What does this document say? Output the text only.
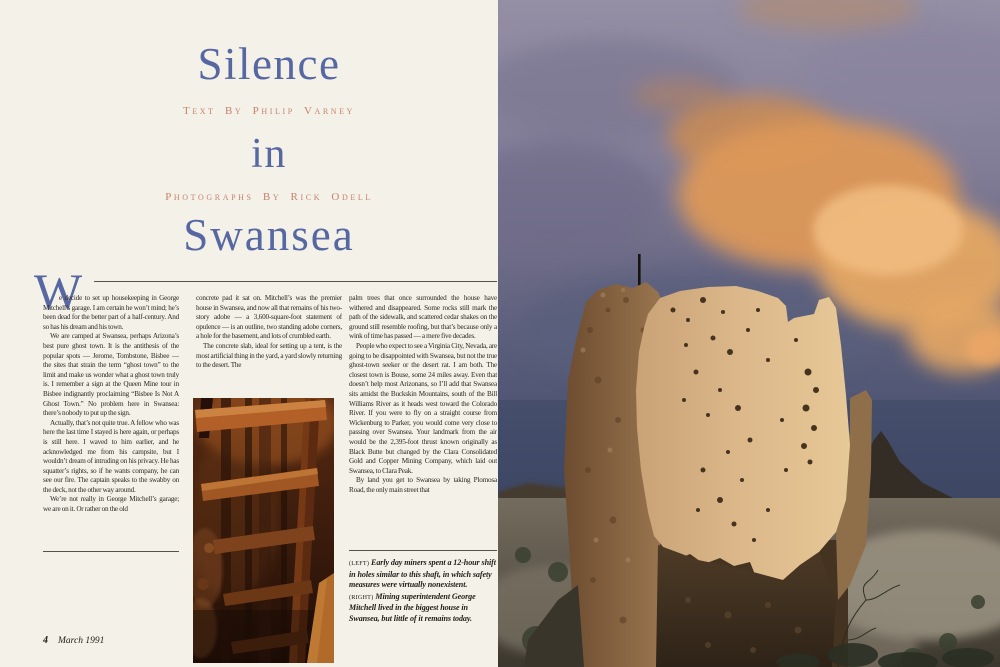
Silence
Text By Philip Varney
in
Photographs By Rick Odell
Swansea
W

e decide to set up housekeeping in George Mitchell’s garage. I am certain he won’t mind; he’s been dead for the better part of a half-century. And so has his dream and his town.

We are camped at Swansea, perhaps Arizona’s best pure ghost town. It is the antithesis of the popular spots — Jerome, Tombstone, Bisbee — the sites that strain the term “ghost town” to the limit and make us wonder what a ghost town truly is. I remember a sign at the Queen Mine tour in Bisbee indignantly proclaiming “Bisbee Is Not A Ghost Town.” No problem here in Swansea: there’s nobody to put up the sign.

Actually, that’s not quite true. A fellow who was here the last time I stayed is here again, or perhaps is still here. I waved to him earlier, and he acknowledged me from his campsite, but I wouldn’t dream of intruding on his privacy. He has squatter’s rights, so if he wants company, he can see our fire. The captain speaks to the swabby on the deck, not the other way around.

We’re not really in George Mitchell’s garage; we are on it. Or rather on the old

concrete pad it sat on. Mitchell’s was the premier house in Swansea, and now all that remains of his two-story adobe — a 3,600-square-foot statement of opulence — is an outline, two standing adobe corners, a hole for the basement, and lots of crumbled earth.

The concrete slab, ideal for setting up a tent, is the most artificial thing in the yard, a yard slowly returning to the desert. The

palm trees that once surrounded the house have withered and disappeared. Some rocks still mark the path of the sidewalk, and scattered cedar shakes on the ground still resemble roofing, but that’s because only a wink of time has passed — a mere five decades.

People who expect to see a Virginia City, Nevada, are going to be disappointed with Swansea, but not the true ghost-town seeker or the desert rat. I am both. The closest town is Bouse, some 24 miles away. Even that doesn’t help most Arizonans, so I’ll add that Swansea sits amidst the Buckskin Mountains, south of the Bill Williams River as it heads west toward the Colorado River. If you were to fly on a straight course from Wickenburg to Parker, you would come very close to passing over Swansea. Your landmark from the air would be the 2,395-foot thrust known originally as Black Butte but changed by the Clara Consolidated Gold and Copper Mining Company, which laid out Swansea, to Clara Peak.

By land you get to Swansea by taking Plomosa Road, the only main street that

(LEFT) Early day miners spent a 12-hour shift in holes similar to this shaft, in which safety measures were virtually nonexistent.

(RIGHT) Mining superintendent George Mitchell lived in the biggest house in Swansea, but little of it remains today.

4 March 1991
